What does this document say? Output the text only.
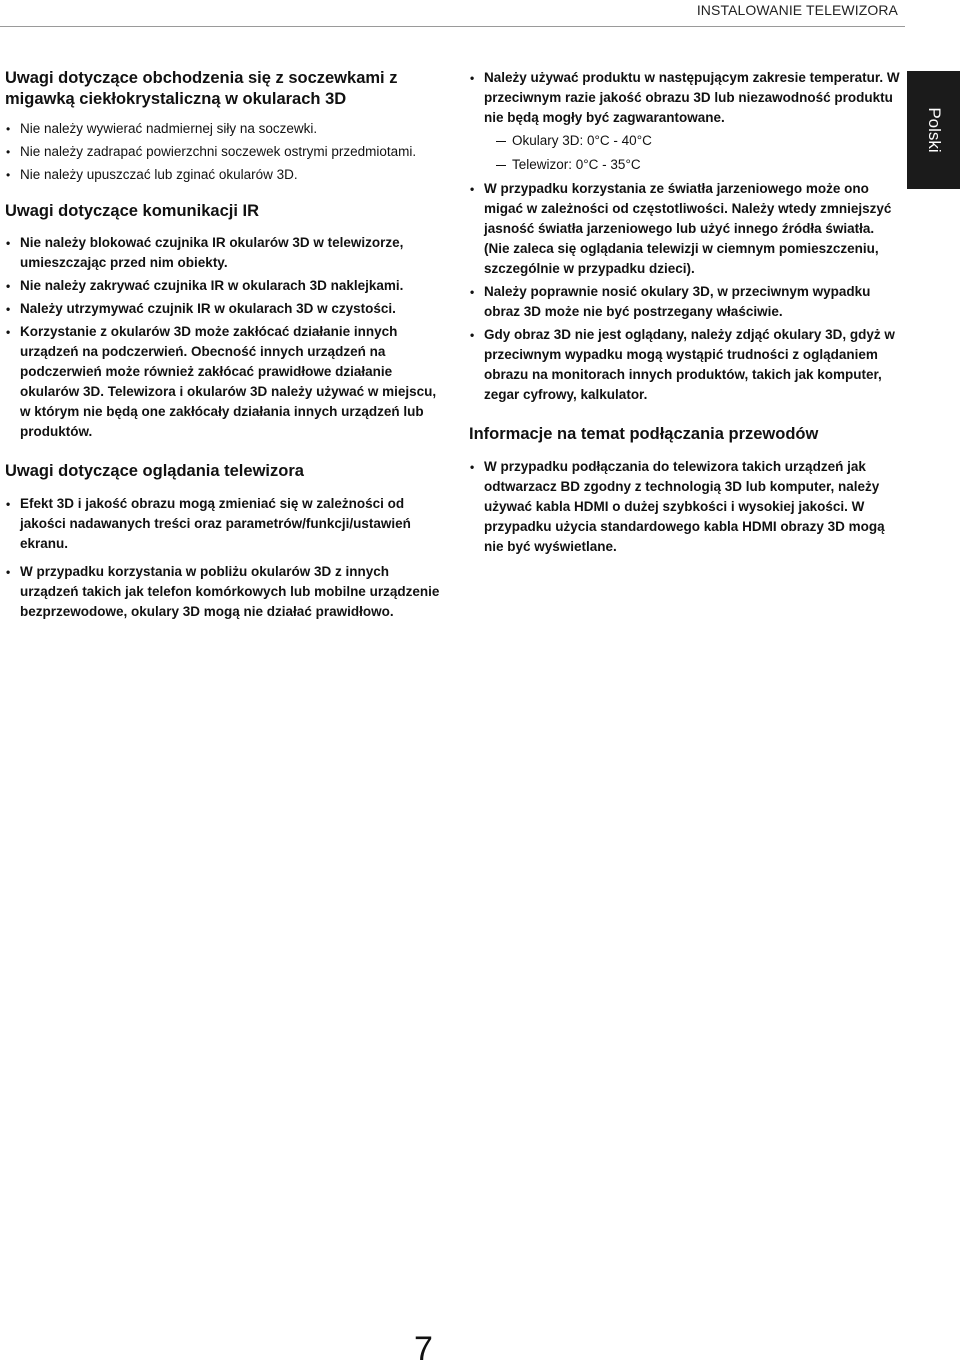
INSTALOWANIE TELEWIZORA
Polski
Uwagi dotyczące obchodzenia się z soczewkami z migawką ciekłokrystaliczną w okularach 3D
• Nie należy wywierać nadmiernej siły na soczewki.
• Nie należy zadrapać powierzchni soczewek ostrymi przedmiotami.
• Nie należy upuszczać lub zginać okularów 3D.
Uwagi dotyczące komunikacji IR
• Nie należy blokować czujnika IR okularów 3D w telewizorze, umieszczając przed nim obiekty.
• Nie należy zakrywać czujnika IR w okularach 3D naklejkami.
• Należy utrzymywać czujnik IR w okularach 3D w czystości.
• Korzystanie z okularów 3D może zakłócać działanie innych urządzeń na podczerwień. Obecność innych urządzeń na podczerwień może również zakłócać prawidłowe działanie okularów 3D. Telewizora i okularów 3D należy używać w miejscu, w którym nie będą one zakłócały działania innych urządzeń lub produktów.
Uwagi dotyczące oglądania telewizora
• Efekt 3D i jakość obrazu mogą zmieniać się w zależności od jakości nadawanych treści oraz parametrów/funkcji/ustawień ekranu.
• W przypadku korzystania w pobliżu okularów 3D z innych urządzeń takich jak telefon komórkowych lub mobilne urządzenie bezprzewodowe, okulary 3D mogą nie działać prawidłowo.
• Należy używać produktu w następującym zakresie temperatur. W przeciwnym razie jakość obrazu 3D lub niezawodność produktu nie będą mogły być zagwarantowane.
Okulary 3D: 0°C - 40°C
Telewizor: 0°C - 35°C
• W przypadku korzystania ze światła jarzeniowego może ono migać w zależności od częstotliwości. Należy wtedy zmniejszyć jasność światła jarzeniowego lub użyć innego źródła światła. (Nie zaleca się oglądania telewizji w ciemnym pomieszczeniu, szczególnie w przypadku dzieci).
• Należy poprawnie nosić okulary 3D, w przeciwnym wypadku obraz 3D może nie być postrzegany właściwie.
• Gdy obraz 3D nie jest oglądany, należy zdjąć okulary 3D, gdyż w przeciwnym wypadku mogą wystąpić trudności z oglądaniem obrazu na monitorach innych produktów, takich jak komputer, zegar cyfrowy, kalkulator.
Informacje na temat podłączania przewodów
• W przypadku podłączania do telewizora takich urządzeń jak odtwarzacz BD zgodny z technologią 3D lub komputer, należy używać kabla HDMI o dużej szybkości i wysokiej jakości. W przypadku użycia standardowego kabla HDMI obrazy 3D mogą nie być wyświetlane.
7
